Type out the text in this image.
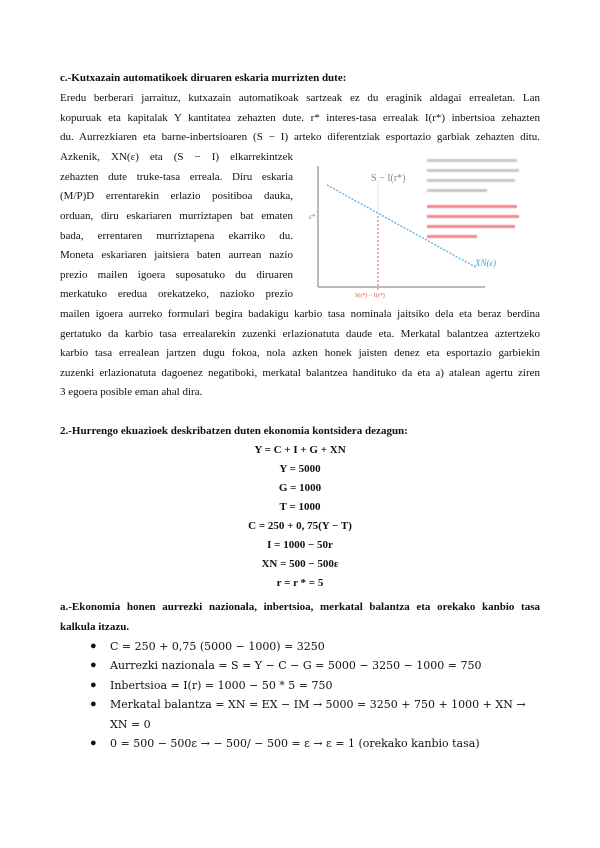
c.-Kutxazain automatikoek diruaren eskaria murrizten dute:
Eredu berberari jarraituz, kutxazain automatikoak sartzeak ez du eraginik aldagai errealetan. Lan
kopuruak eta kapitalak Y kantitatea zehazten dute. r* interes-tasa errealak I(r*) inbertsioa zehazten
du. Aurrezkiaren eta barne-inbertsioaren (S − I) arteko diferentziak esportazio garbiak zehazten ditu.
Azkenik, XN(ε) eta (S − I) elkarrekintzek
zehazten dute truke-tasa erreala. Diru eskaria
(M/P)D errentarekin erlazio positiboa dauka,
orduan, diru eskariaren murriztapen bat ematen
bada, errentaren murriztapena ekarriko du.
Moneta eskariaren jaitsiera baten aurrean nazio
prezio mailen igoera suposatuko du diruaren
merkatuko eredua orekatzeko, nazioko prezio
S − I(r*)
XN(ε)
ε*
S(r*) − I(r*)
mailen igoera aurreko formulari begira badakigu karbio tasa nominala jaitsiko dela eta beraz berdina
gertatuko da karbio tasa errealarekin zuzenki erlazionatuta daude eta. Merkatal balantzea aztertzeko
karbio tasa errealean jartzen dugu fokoa, nola azken honek jaisten denez eta esportazio garbiekin
zuzenki erlazionatuta dagoenez negatiboki, merkatal balantzea handituko da eta a) atalean agertu ziren
3 egoera posible eman ahal dira.
2.-Hurrengo ekuazioek deskribatzen duten ekonomia kontsidera dezagun:
Y = C + I + G + XN
Y = 5000
G = 1000
T = 1000
C = 250 + 0, 75(Y − T)
I = 1000 − 50r
XN = 500 − 500ε
r = r * = 5
a.-Ekonomia honen aurrezki nazionala, inbertsioa, merkatal balantza eta orekako kanbio tasa
kalkula itzazu.
● C = 250 + 0,75 (5000 − 1000) = 3250
● Aurrezki nazionala = S = Y − C − G = 5000 − 3250 − 1000 = 750
● Inbertsioa = I(r) = 1000 − 50 * 5 = 750
● Merkatal balantza = XN = EX − IM → 5000 = 3250 + 750 + 1000 + XN →
XN = 0
● 0 = 500 − 500ε → − 500/ − 500 = ε → ε = 1 (orekako kanbio tasa)
